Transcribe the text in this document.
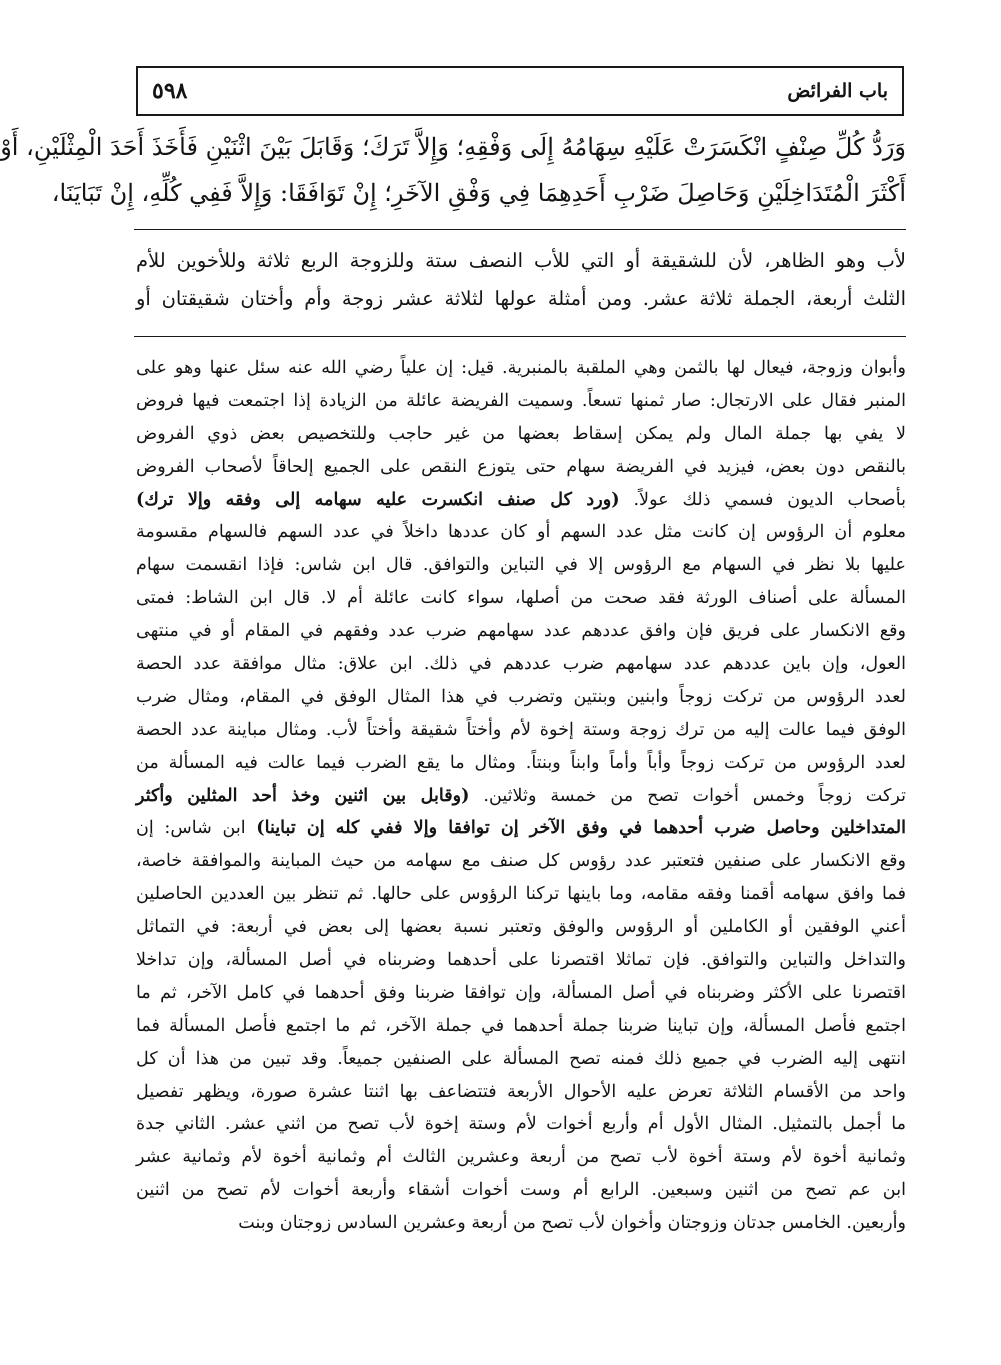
باب الفرائض
٥٩٨
وَرَدُّ كُلِّ صِنْفٍ انْكَسَرَتْ عَلَيْهِ سِهَامُهُ إِلَى وَفْقِهِ؛ وَإِلاَّ تَرَكَ؛ وَقَابَلَ بَيْنَ اثْنَيْنِ فَأَخَذَ أَحَدَ الْمِثْلَيْنِ، أَوْ
أَكْثَرَ الْمُتَدَاخِلَيْنِ وَحَاصِلَ ضَرْبِ أَحَدِهِمَا فِي وَفْقِ الآخَرِ؛ إِنْ تَوَافَقَا: وَإِلاَّ فَفِي كُلِّهِ، إِنْ تَبَايَنَا،
لأب وهو الظاهر، لأن للشقيقة أو التي للأب النصف ستة وللزوجة الربع ثلاثة وللأخوين للأم
الثلث أربعة، الجملة ثلاثة عشر. ومن أمثلة عولها لثلاثة عشر زوجة وأم وأختان شقيقتان أو
وأبوان وزوجة، فيعال لها بالثمن وهي الملقبة بالمنبرية. قيل: إن علياً رضي الله عنه سئل عنها وهو على
المنبر فقال على الارتجال: صار ثمنها تسعاً. وسميت الفريضة عائلة من الزيادة إذا اجتمعت فيها فروض
لا يفي بها جملة المال ولم يمكن إسقاط بعضها من غير حاجب وللتخصيص بعض ذوي الفروض
بالنقص دون بعض، فيزيد في الفريضة سهام حتى يتوزع النقص على الجميع إلحاقاً لأصحاب الفروض
بأصحاب الديون فسمي ذلك عولاً. (ورد كل صنف انكسرت عليه سهامه إلى وفقه وإلا ترك)
معلوم أن الرؤوس إن كانت مثل عدد السهم أو كان عددها داخلاً في عدد السهم فالسهام مقسومة
عليها بلا نظر في السهام مع الرؤوس إلا في التباين والتوافق. قال ابن شاس: فإذا انقسمت سهام
المسألة على أصناف الورثة فقد صحت من أصلها، سواء كانت عائلة أم لا. قال ابن الشاط: فمتى
وقع الانكسار على فريق فإن وافق عددهم عدد سهامهم ضرب عدد وفقهم في المقام أو في منتهى
العول، وإن باين عددهم عدد سهامهم ضرب عددهم في ذلك. ابن علاق: مثال موافقة عدد الحصة
لعدد الرؤوس من تركت زوجاً وابنين وبنتين وتضرب في هذا المثال الوفق في المقام، ومثال ضرب
الوفق فيما عالت إليه من ترك زوجة وستة إخوة لأم وأختاً شقيقة وأختاً لأب. ومثال مباينة عدد الحصة
لعدد الرؤوس من تركت زوجاً وأباً وأماً وابناً وبنتاً. ومثال ما يقع الضرب فيما عالت فيه المسألة من
تركت زوجاً وخمس أخوات تصح من خمسة وثلاثين. (وقابل بين اثنين وخذ أحد المثلين وأكثر
المتداخلين وحاصل ضرب أحدهما في وفق الآخر إن توافقا وإلا ففي كله إن تباينا) ابن شاس: إن
وقع الانكسار على صنفين فتعتبر عدد رؤوس كل صنف مع سهامه من حيث المباينة والموافقة خاصة،
فما وافق سهامه أقمنا وفقه مقامه، وما باينها تركنا الرؤوس على حالها. ثم تنظر بين العددين الحاصلين
أعني الوفقين أو الكاملين أو الرؤوس والوفق وتعتبر نسبة بعضها إلى بعض في أربعة: في التماثل
والتداخل والتباين والتوافق. فإن تماثلا اقتصرنا على أحدهما وضربناه في أصل المسألة، وإن تداخلا
اقتصرنا على الأكثر وضربناه في أصل المسألة، وإن توافقا ضربنا وفق أحدهما في كامل الآخر، ثم ما
اجتمع فأصل المسألة، وإن تباينا ضربنا جملة أحدهما في جملة الآخر، ثم ما اجتمع فأصل المسألة فما
انتهى إليه الضرب في جميع ذلك فمنه تصح المسألة على الصنفين جميعاً. وقد تبين من هذا أن كل
واحد من الأقسام الثلاثة تعرض عليه الأحوال الأربعة فتتضاعف بها اثنتا عشرة صورة، ويظهر تفصيل
ما أجمل بالتمثيل. المثال الأول أم وأربع أخوات لأم وستة إخوة لأب تصح من اثني عشر. الثاني جدة
وثمانية أخوة لأم وستة أخوة لأب تصح من أربعة وعشرين الثالث أم وثمانية أخوة لأم وثمانية عشر
ابن عم تصح من اثنين وسبعين. الرابع أم وست أخوات أشقاء وأربعة أخوات لأم تصح من اثنين
وأربعين. الخامس جدتان وزوجتان وأخوان لأب تصح من أربعة وعشرين السادس زوجتان وبنت
